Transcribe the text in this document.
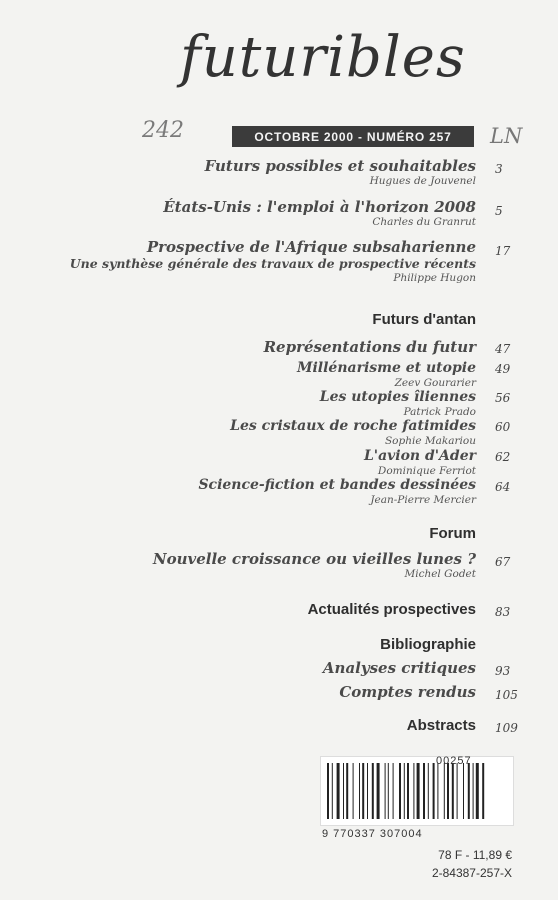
futuribles
242	OCTOBRE 2000 - NUMÉRO 257 LN
Futurs possibles et souhaitables
Hugues de Jouvenel
3
États-Unis : l'emploi à l'horizon 2008
Charles du Granrut
5
Prospective de l'Afrique subsaharienne
Une synthèse générale des travaux de prospective récents
Philippe Hugon
17
Futurs d'antan
Représentations du futur 47
Millénarisme et utopie
Zeev Gourarier
49
Les utopies îliennes
Patrick Prado
56
Les cristaux de roche fatimides
Sophie Makariou
60
L'avion d'Ader
Dominique Ferriot
62
Science-fiction et bandes dessinées
Jean-Pierre Mercier
64
Forum
Nouvelle croissance ou vieilles lunes ?
Michel Godet
67
Actualités prospectives 83
Bibliographie
Analyses critiques 93
Comptes rendus 105
Abstracts 109
00257
9 770337 307004
78 F - 11,89 €
2-84387-257-X
